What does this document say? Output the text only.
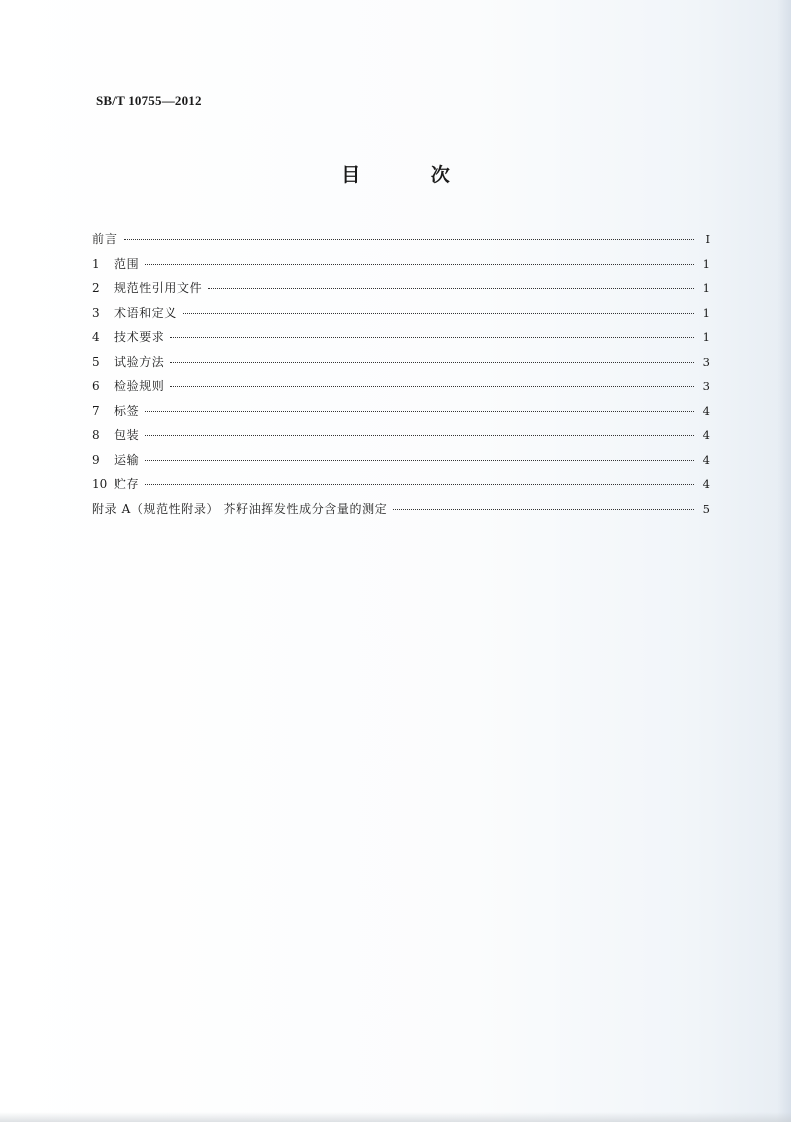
SB/T 10755—2012
目 次
前言	I
1	范围	1
2	规范性引用文件	1
3	术语和定义	1
4	技术要求	1
5	试验方法	3
6	检验规则	3
7	标签	4
8	包装	4
9	运输	4
10 贮存	4
附录 A（规范性附录） 芥籽油挥发性成分含量的测定	5
